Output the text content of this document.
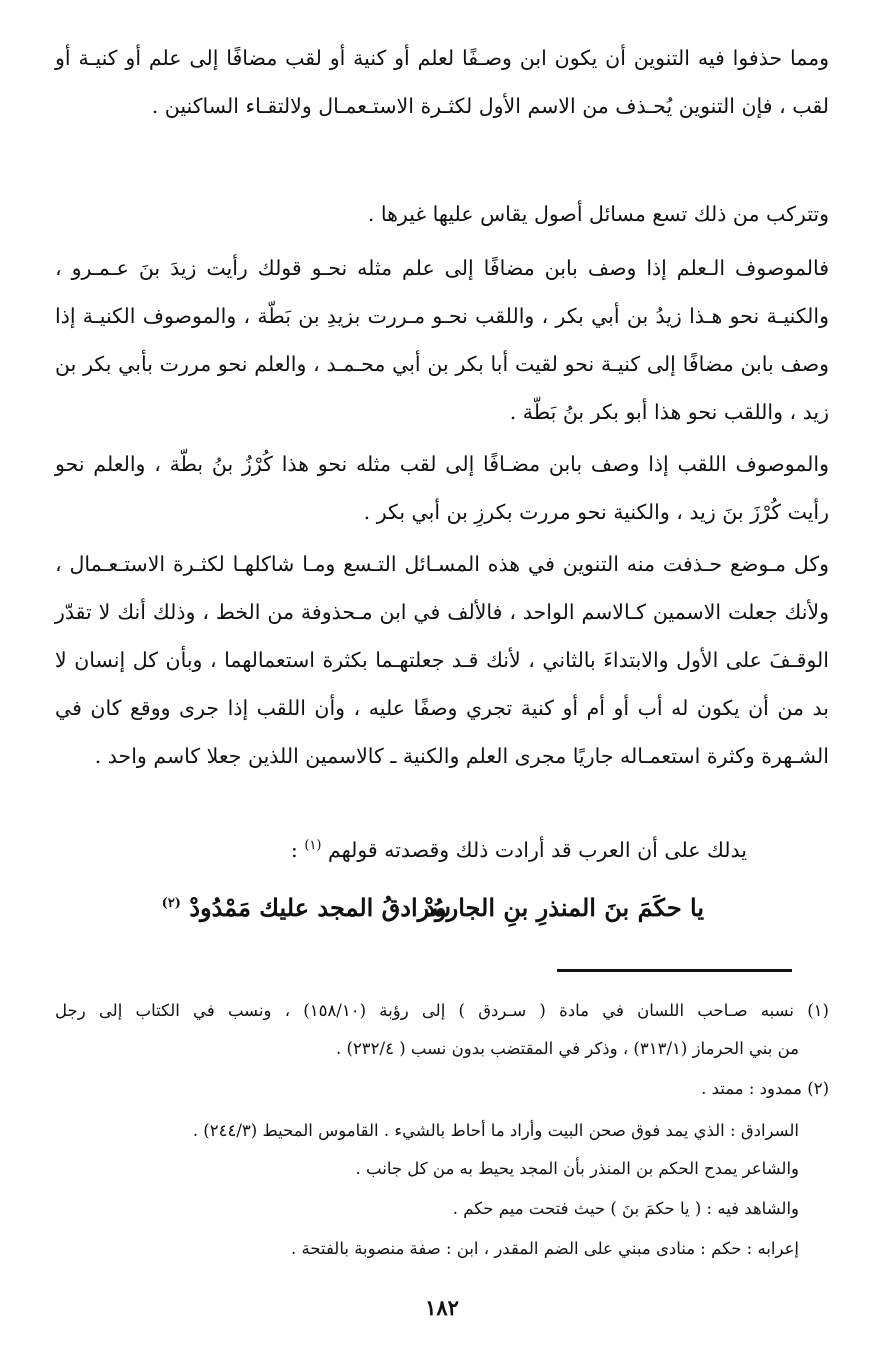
ومما حذفوا فيه التنوين أن يكون ابن وصـفًا لعلم أو كنية أو لقب مضافًا إلى علم أو كنيـة أو لقب ، فإن التنوين يُحـذف من الاسم الأول لكثـرة الاستـعمـال ولالتقـاء الساكنين .

وتتركب من ذلك تسع مسائل أصول يقاس عليها غيرها .

فالموصوف الـعلم إذا وصف بابن مضافًا إلى علم مثله نحـو قولك رأيت زيدَ بنَ عـمـرو ، والكنيـة نحو هـذا زيدُ بن أبي بكر ، واللقب نحـو مـررت بزيدِ بن بَطّة ، والموصوف الكنيـة إذا وصف بابن مضافًا إلى كنيـة نحو لقيت أبا بكر بن أبي محـمـد ، والعلم نحو مررت بأبي بكر بن زيد ، واللقب نحو هذا أبو بكر بنُ بَطّة .

والموصوف اللقب إذا وصف بابن مضـافًا إلى لقب مثله نحو هذا كُرْزُ بنُ بطّة ، والعلم نحو رأيت كُرْزَ بنَ زيد ، والكنية نحو مررت بكرزِ بن أبي بكر .

وكل مـوضع حـذفت منه التنوين في هذه المسـائل التـسع ومـا شاكلهـا لكثـرة الاستـعـمال ، ولأنك جعلت الاسمين كـالاسم الواحد ، فالألف في ابن مـحذوفة من الخط ، وذلك أنك لا تقدّر الوقـفَ على الأول والابتداءَ بالثاني ، لأنك قـد جعلتهـما بكثرة استعمالهما ، وبأن كل إنسان لا بد من أن يكون له أب أو أم أو كنية تجري وصفًا عليه ، وأن اللقب إذا جرى ووقع كان في الشـهرة وكثرة استعمـاله جاريًا مجرى العلم والكنية ـ كالاسمين اللذين جعلا كاسم واحد .

يدلك على أن العرب قد أرادت ذلك وقصدته قولهم $^{(١)}$ :
يا حكَمَ بنَ المنذرِ بنِ الجارودْ
سُرادقُ المجد عليك مَمْدُودْ $^{(٢)}$

(١) نسبه صـاحب اللسان في مادة ( سـردق ) إلى رؤبة (١٥٨/١٠) ، ونسب في الكتاب إلى رجل

من بني الحرماز (٣١٣/١) ، وذكر في المقتضب بدون نسب ( ٢٣٢/٤) .

(٢) ممدود : ممتد .

السرادق : الذي يمد فوق صحن البيت وأراد ما أحاط بالشيء . القاموس المحيط (٢٤٤/٣) .

والشاعر يمدح الحكم بن المنذر بأن المجد يحيط به من كل جانب .

والشاهد فيه : ( يا حكمَ بنَ ) حيث فتحت ميم حكم .

إعرابه : حكم : منادى مبني على الضم المقدر ، ابن : صفة منصوبة بالفتحة .

١٨٢
